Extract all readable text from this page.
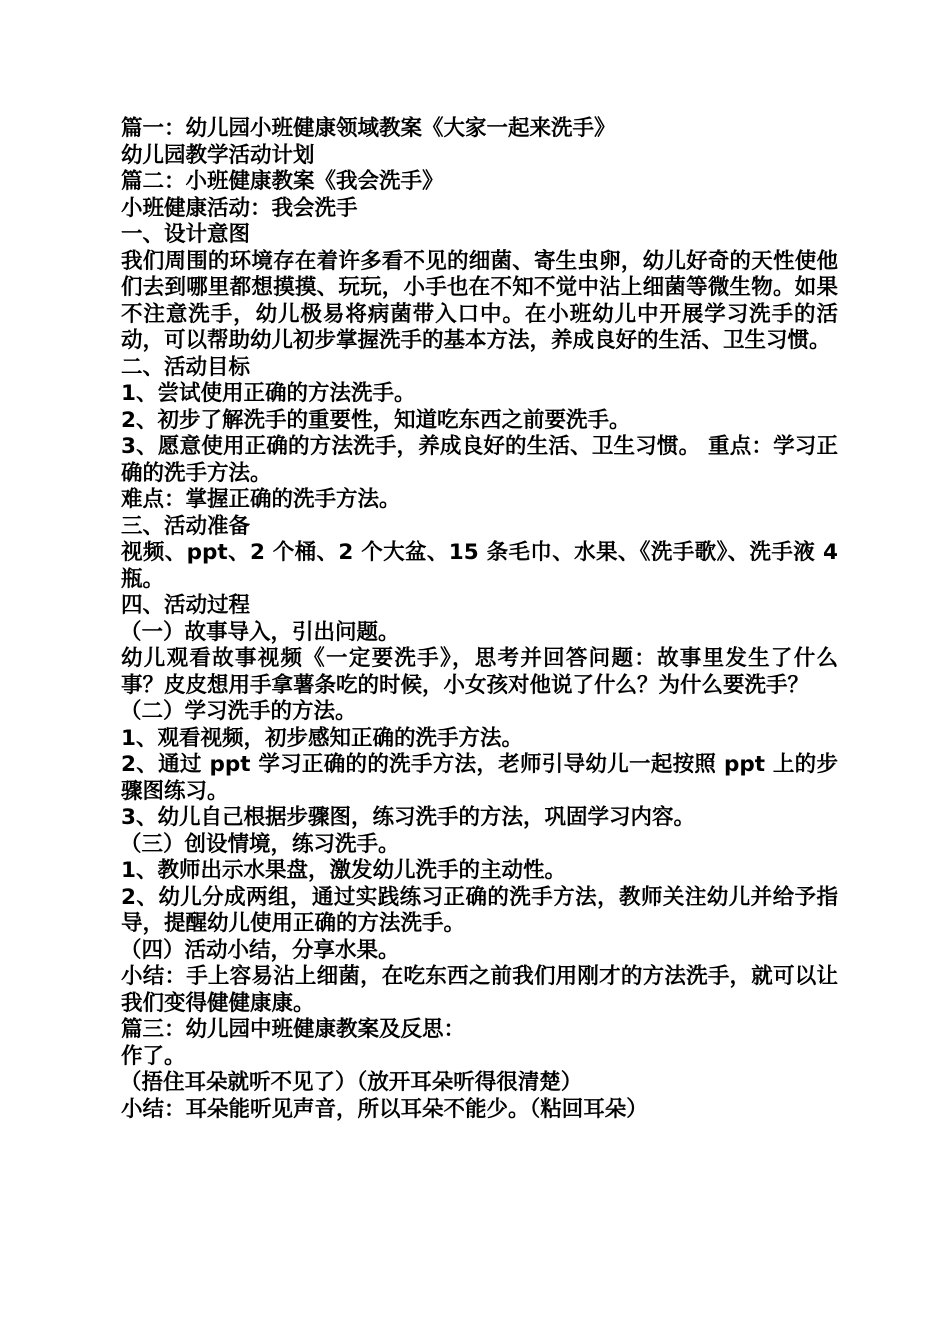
篇一：幼儿园小班健康领域教案《大家一起来洗手》

幼儿园教学活动计划

篇二：小班健康教案《我会洗手》

小班健康活动：我会洗手

一、设计意图

我们周围的环境存在着许多看不见的细菌、寄生虫卵，幼儿好奇的天性使他们去到哪里都想摸摸、玩玩，小手也在不知不觉中沾上细菌等微生物。如果不注意洗手，幼儿极易将病菌带入口中。在小班幼儿中开展学习洗手的活动，可以帮助幼儿初步掌握洗手的基本方法，养成良好的生活、卫生习惯。

二、活动目标

1、尝试使用正确的方法洗手。

2、初步了解洗手的重要性，知道吃东西之前要洗手。

3、愿意使用正确的方法洗手，养成良好的生活、卫生习惯。 重点：学习正确的洗手方法。

难点：掌握正确的洗手方法。

三、活动准备

视频、ppt、2 个桶、2 个大盆、15 条毛巾、水果、《洗手歌》、洗手液 4 瓶。

四、活动过程

（一）故事导入，引出问题。

幼儿观看故事视频《一定要洗手》，思考并回答问题：故事里发生了什么事？皮皮想用手拿薯条吃的时候，小女孩对他说了什么？为什么要洗手？

（二）学习洗手的方法。

1、观看视频，初步感知正确的洗手方法。

2、通过 ppt 学习正确的的洗手方法，老师引导幼儿一起按照 ppt 上的步骤图练习。

3、幼儿自己根据步骤图，练习洗手的方法，巩固学习内容。

（三）创设情境，练习洗手。

1、教师出示水果盘，激发幼儿洗手的主动性。

2、幼儿分成两组，通过实践练习正确的洗手方法，教师关注幼儿并给予指导，提醒幼儿使用正确的方法洗手。

（四）活动小结，分享水果。

小结：手上容易沾上细菌，在吃东西之前我们用刚才的方法洗手，就可以让我们变得健健康康。

篇三：幼儿园中班健康教案及反思：

作了。

（捂住耳朵就听不见了）（放开耳朵听得很清楚）

小结：耳朵能听见声音，所以耳朵不能少。（粘回耳朵）
